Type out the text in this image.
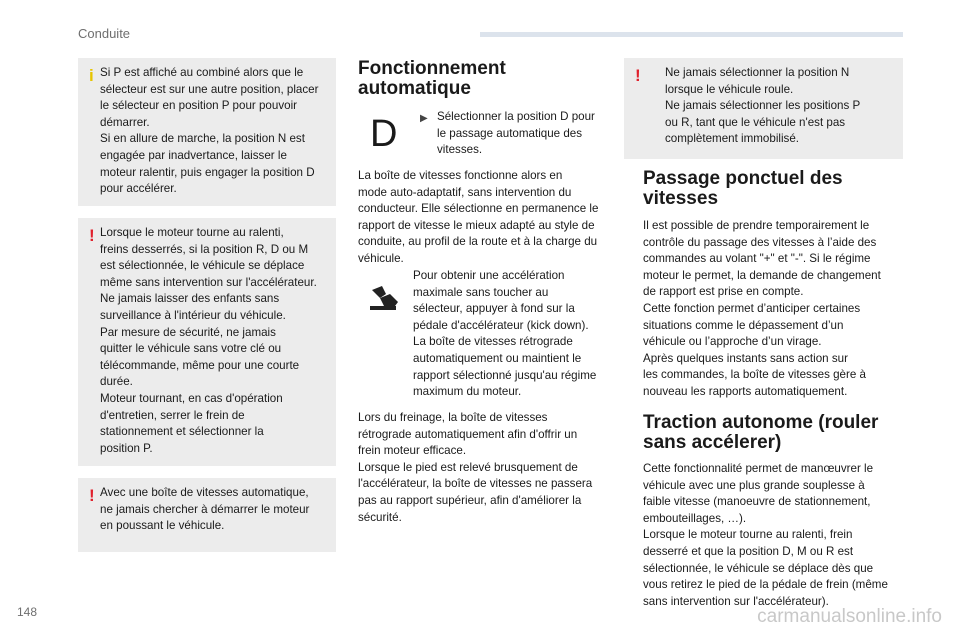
Conduite
i Si P est affiché au combiné alors que le
sélecteur est sur une autre position, placer
le sélecteur en position P pour pouvoir
démarrer.
Si en allure de marche, la position N est
engagée par inadvertance, laisser le
moteur ralentir, puis engager la position D
pour accélérer.
! Lorsque le moteur tourne au ralenti,
freins desserrés, si la position R, D ou M
est sélectionnée, le véhicule se déplace
même sans intervention sur l'accélérateur.
Ne jamais laisser des enfants sans
surveillance à l'intérieur du véhicule.
Par mesure de sécurité, ne jamais
quitter le véhicule sans votre clé ou
télécommande, même pour une courte
durée.
Moteur tournant, en cas d'opération
d'entretien, serrer le frein de
stationnement et sélectionner la
position P.
! Avec une boîte de vitesses automatique,
ne jamais chercher à démarrer le moteur
en poussant le véhicule.
Fonctionnement
automatique
D ▶ Sélectionner la position D pour
le passage automatique des
vitesses.
La boîte de vitesses fonctionne alors en
mode auto-adaptatif, sans intervention du
conducteur. Elle sélectionne en permanence le
rapport de vitesse le mieux adapté au style de
conduite, au profil de la route et à la charge du
véhicule.
Pour obtenir une accélération
maximale sans toucher au
sélecteur, appuyer à fond sur la
pédale d'accélérateur (kick down).
La boîte de vitesses rétrograde
automatiquement ou maintient le
rapport sélectionné jusqu'au régime
maximum du moteur.
Lors du freinage, la boîte de vitesses
rétrograde automatiquement afin d'offrir un
frein moteur efficace.
Lorsque le pied est relevé brusquement de
l'accélérateur, la boîte de vitesses ne passera
pas au rapport supérieur, afin d'améliorer la
sécurité.
! Ne jamais sélectionner la position N
lorsque le véhicule roule.
Ne jamais sélectionner les positions P
ou R, tant que le véhicule n'est pas
complètement immobilisé.
Passage ponctuel des
vitesses
Il est possible de prendre temporairement le
contrôle du passage des vitesses à l’aide des
commandes au volant "+" et "-". Si le régime
moteur le permet, la demande de changement
de rapport est prise en compte.
Cette fonction permet d’anticiper certaines
situations comme le dépassement d’un
véhicule ou l’approche d’un virage.
Après quelques instants sans action sur
les commandes, la boîte de vitesses gère à
nouveau les rapports automatiquement.
Traction autonome (rouler
sans accélerer)
Cette fonctionnalité permet de manœuvrer le
véhicule avec une plus grande souplesse à
faible vitesse (manoeuvre de stationnement,
embouteillages, …).
Lorsque le moteur tourne au ralenti, frein
desserré et que la position D, M ou R est
sélectionnée, le véhicule se déplace dès que
vous retirez le pied de la pédale de frein (même
sans intervention sur l'accélérateur).
148	carmanualsonline.info
